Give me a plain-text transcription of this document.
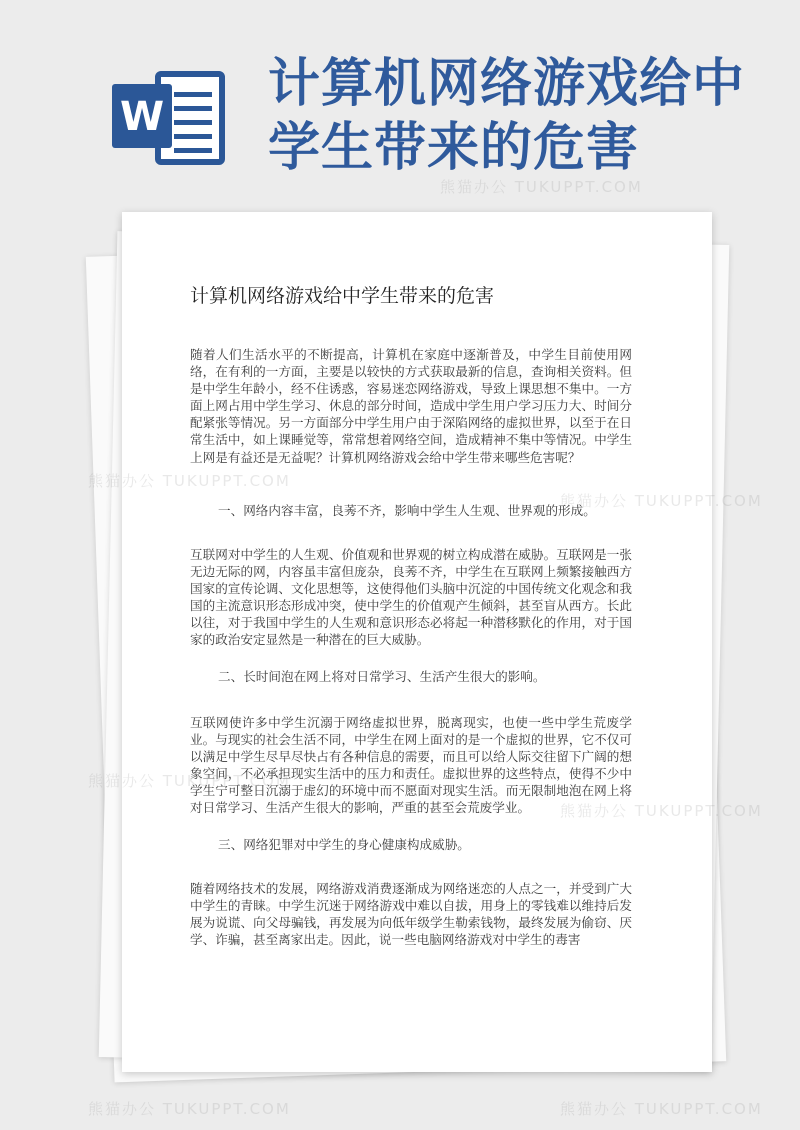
W
计算机网络游戏给中学生带来的危害
计算机网络游戏给中学生带来的危害
随着人们生活水平的不断提高，计算机在家庭中逐渐普及，中学生目前使用网络，在有利的一方面，主要是以较快的方式获取最新的信息，查询相关资料。但是中学生年龄小，经不住诱惑，容易迷恋网络游戏，导致上课思想不集中。一方面上网占用中学生学习、休息的部分时间，造成中学生用户学习压力大、时间分配紧张等情况。另一方面部分中学生用户由于深陷网络的虚拟世界，以至于在日常生活中，如上课睡觉等，常常想着网络空间，造成精神不集中等情况。中学生上网是有益还是无益呢？计算机网络游戏会给中学生带来哪些危害呢？
一、网络内容丰富，良莠不齐，影响中学生人生观、世界观的形成。
互联网对中学生的人生观、价值观和世界观的树立构成潜在威胁。互联网是一张无边无际的网，内容虽丰富但庞杂，良莠不齐，中学生在互联网上频繁接触西方国家的宣传论调、文化思想等，这使得他们头脑中沉淀的中国传统文化观念和我国的主流意识形态形成冲突，使中学生的价值观产生倾斜，甚至盲从西方。长此以往，对于我国中学生的人生观和意识形态必将起一种潜移默化的作用，对于国家的政治安定显然是一种潜在的巨大威胁。
二、长时间泡在网上将对日常学习、生活产生很大的影响。
互联网使许多中学生沉溺于网络虚拟世界，脱离现实，也使一些中学生荒废学业。与现实的社会生活不同，中学生在网上面对的是一个虚拟的世界，它不仅可以满足中学生尽早尽快占有各种信息的需要，而且可以给人际交往留下广阔的想象空间，不必承担现实生活中的压力和责任。虚拟世界的这些特点，使得不少中学生宁可整日沉溺于虚幻的环境中而不愿面对现实生活。而无限制地泡在网上将对日常学习、生活产生很大的影响，严重的甚至会荒废学业。
三、网络犯罪对中学生的身心健康构成威胁。
随着网络技术的发展，网络游戏消费逐渐成为网络迷恋的人点之一，并受到广大中学生的青睐。中学生沉迷于网络游戏中难以自拔，用身上的零钱难以维持后发展为说谎、向父母骗钱，再发展为向低年级学生勒索钱物，最终发展为偷窃、厌学、诈骗，甚至离家出走。因此，说一些电脑网络游戏对中学生的毒害
熊猫办公 TUKUPPT.COM
熊猫办公 TUKUPPT.COM
熊猫办公 TUKUPPT.COM
熊猫办公 TUKUPPT.COM
熊猫办公 TUKUPPT.COM
熊猫办公 TUKUPPT.COM	熊猫办公 TUKUPPT.COM
